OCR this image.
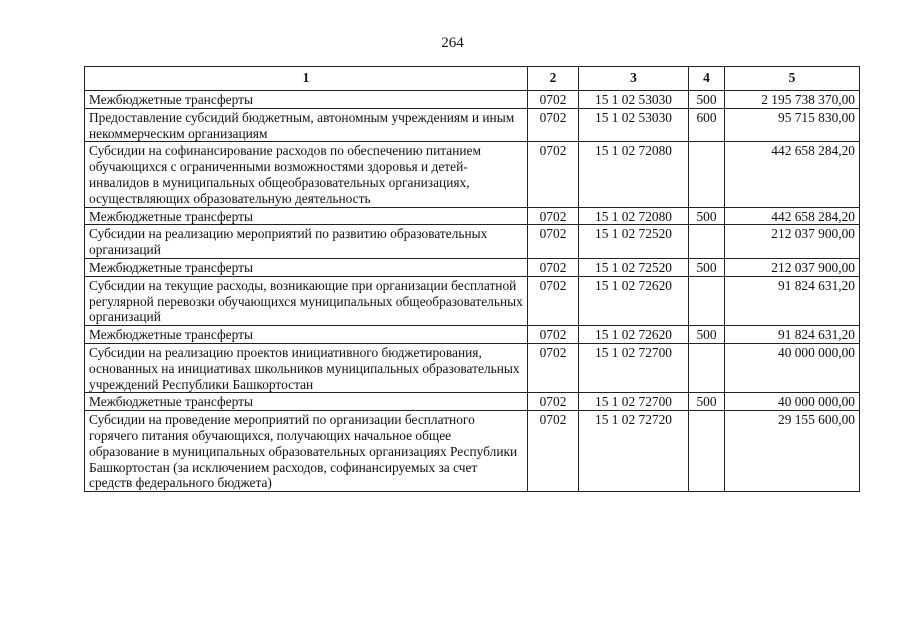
264
1	2	3	4	5
Межбюджетные трансферты	0702	15 1 02 53030	500	2 195 738 370,00
Предоставление субсидий бюджетным, автономным учреждениям и иным некоммерческим организациям	0702	15 1 02 53030	600	95 715 830,00
Субсидии на софинансирование расходов по обеспечению питанием обучающихся с ограниченными возможностями здоровья и детей-инвалидов в муниципальных общеобразовательных организациях, осуществляющих образовательную деятельность	0702	15 1 02 72080		442 658 284,20
Межбюджетные трансферты	0702	15 1 02 72080	500	442 658 284,20
Субсидии на реализацию мероприятий по развитию образовательных организаций	0702	15 1 02 72520		212 037 900,00
Межбюджетные трансферты	0702	15 1 02 72520	500	212 037 900,00
Субсидии на текущие расходы, возникающие при организации бесплатной регулярной перевозки обучающихся муниципальных общеобразовательных организаций	0702	15 1 02 72620		91 824 631,20
Межбюджетные трансферты	0702	15 1 02 72620	500	91 824 631,20
Субсидии на реализацию проектов инициативного бюджетирования, основанных на инициативах школьников муниципальных образовательных учреждений Республики Башкортостан	0702	15 1 02 72700		40 000 000,00
Межбюджетные трансферты	0702	15 1 02 72700	500	40 000 000,00
Субсидии на проведение мероприятий по организации бесплатного горячего питания обучающихся, получающих начальное общее образование в муниципальных образовательных организациях Республики Башкортостан (за исключением расходов, софинансируемых за счет средств федерального бюджета)	0702	15 1 02 72720		29 155 600,00
